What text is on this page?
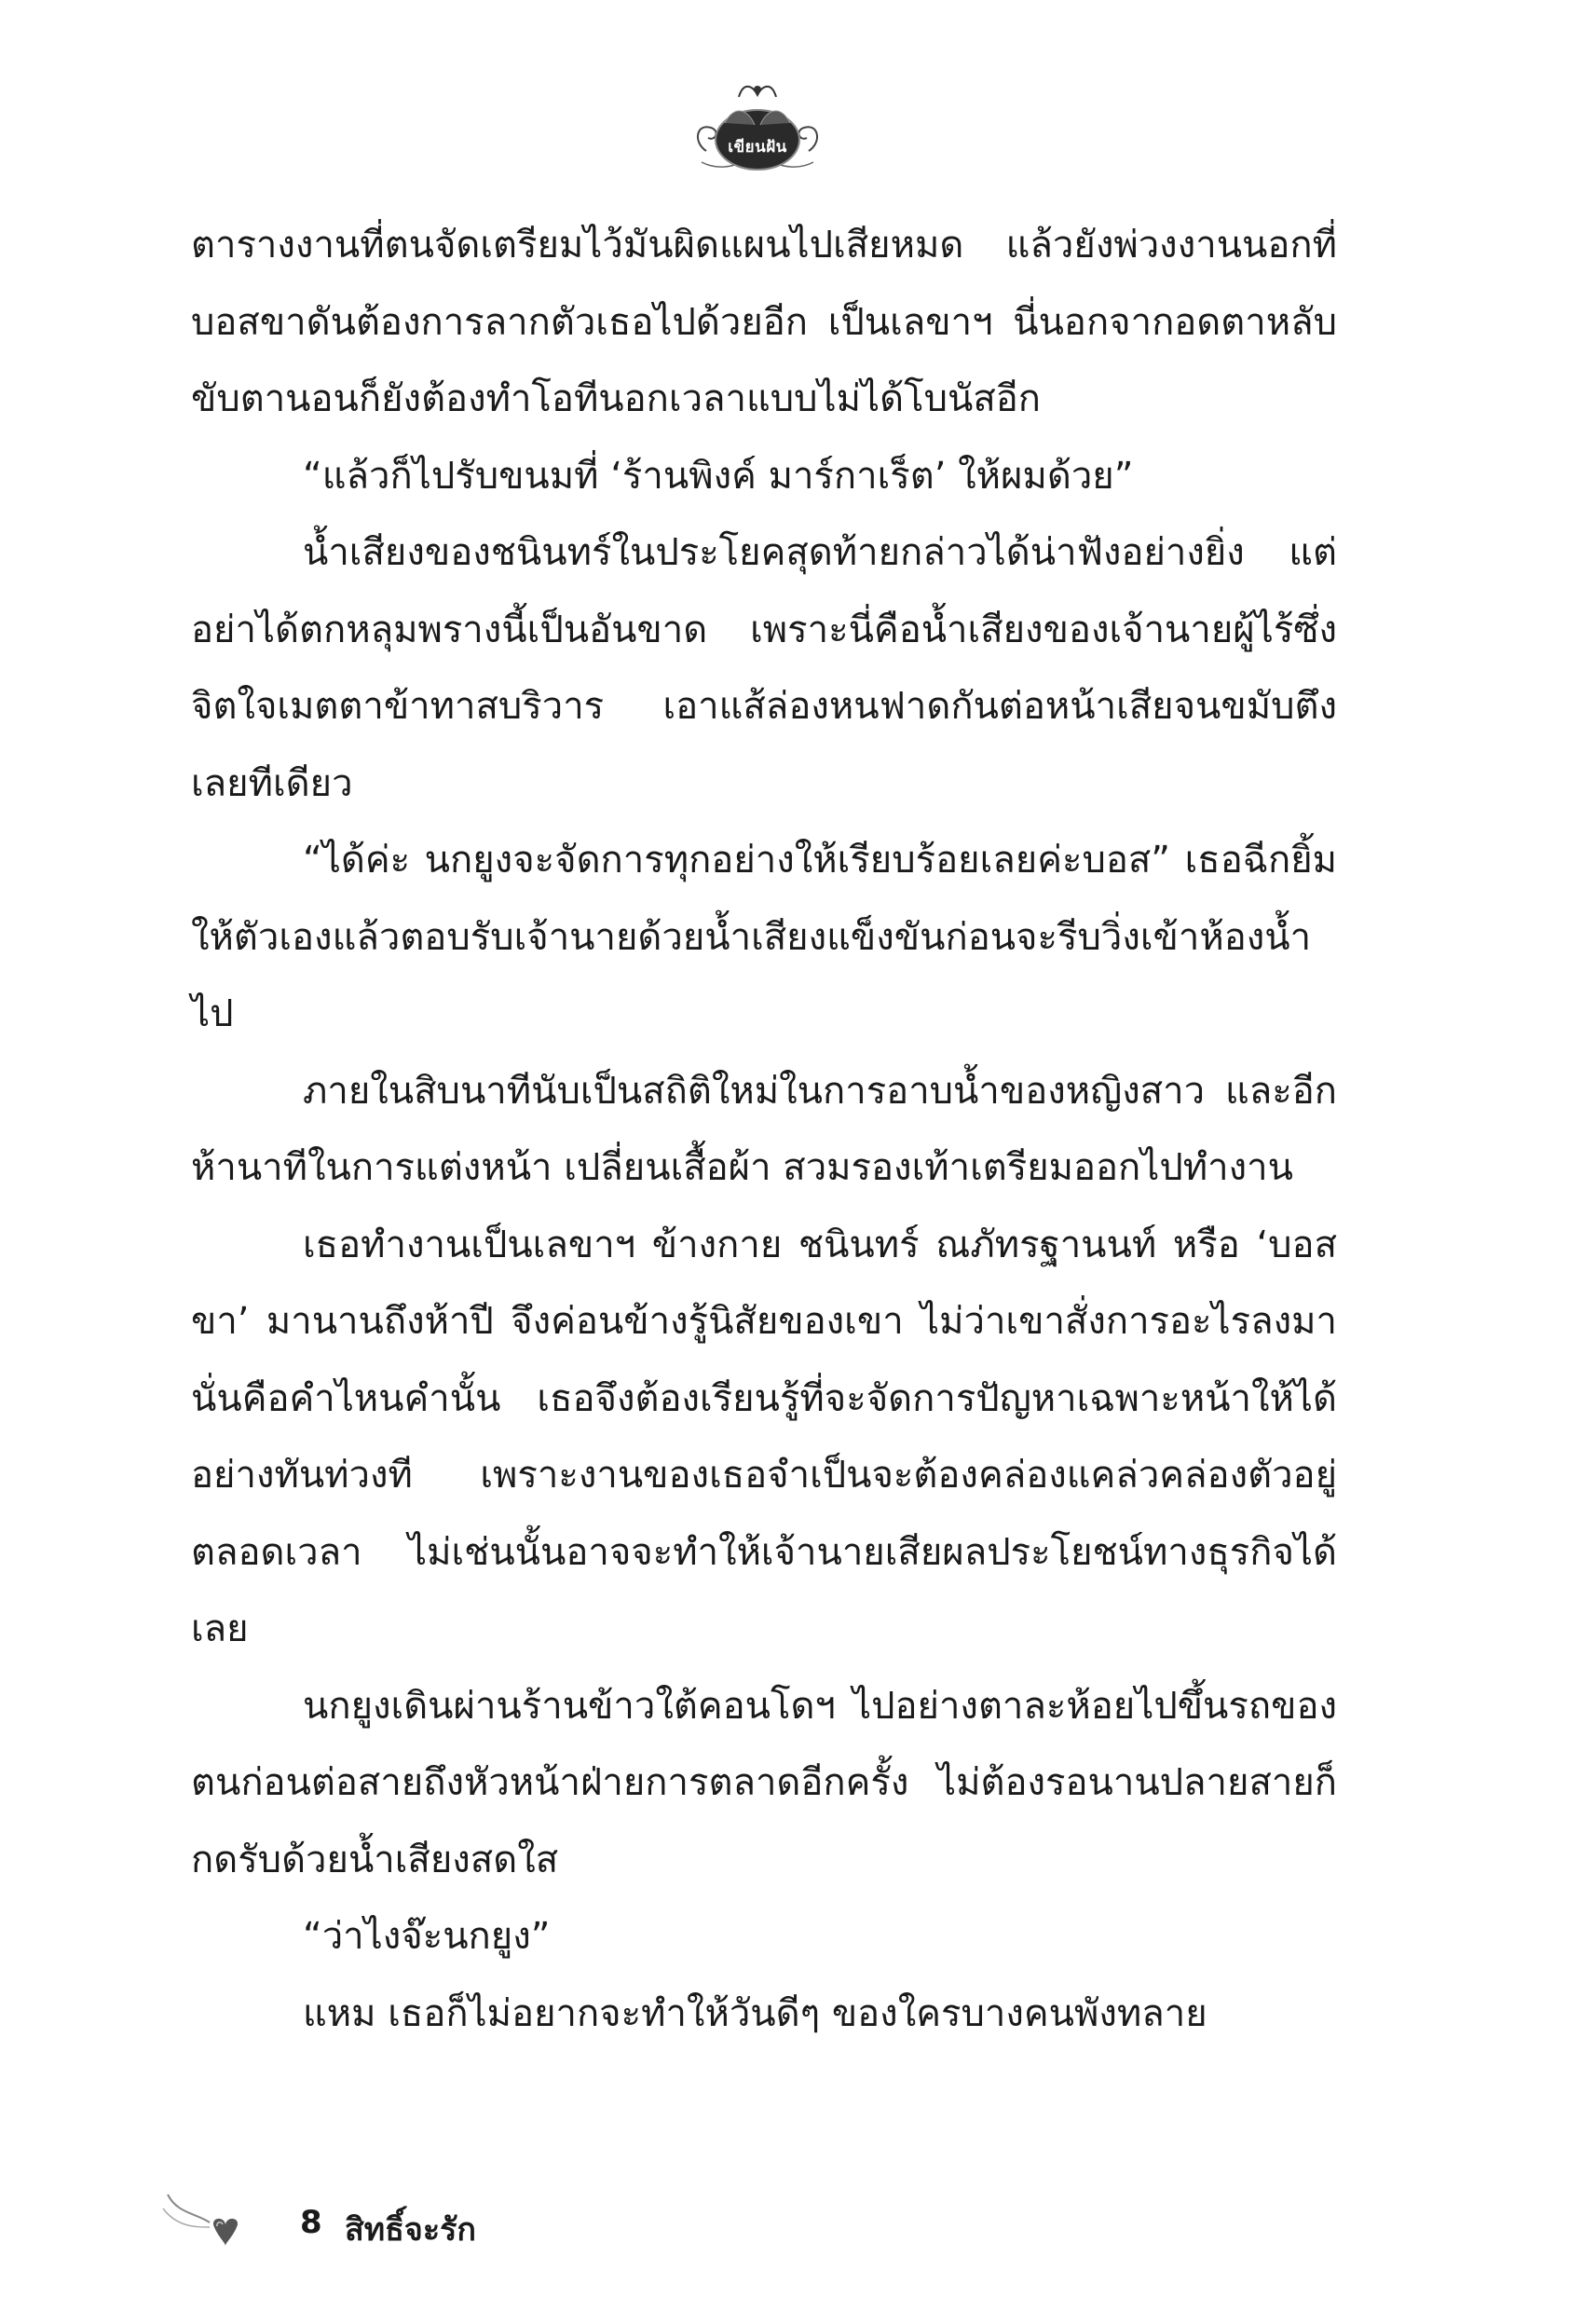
เขียนฝัน

ตารางงานที่ตนจัดเตรียมไว้มันผิดแผนไปเสียหมด แล้วยังพ่วงงานนอกที่บอสขาดันต้องการลากตัวเธอไปด้วยอีก เป็นเลขาฯ นี่นอกจากอดตาหลับขับตานอนก็ยังต้องทำโอทีนอกเวลาแบบไม่ได้โบนัสอีก

“แล้วก็ไปรับขนมที่ ‘ร้านพิงค์ มาร์กาเร็ต’ ให้ผมด้วย”

น้ำเสียงของชนินทร์ในประโยคสุดท้ายกล่าวได้น่าฟังอย่างยิ่ง แต่อย่าได้ตกหลุมพรางนี้เป็นอันขาด เพราะนี่คือน้ำเสียงของเจ้านายผู้ไร้ซึ่งจิตใจเมตตาข้าทาสบริวาร เอาแส้ล่องหนฟาดกันต่อหน้าเสียจนขมับตึงเลยทีเดียว

“ได้ค่ะ นกยูงจะจัดการทุกอย่างให้เรียบร้อยเลยค่ะบอส” เธอฉีกยิ้มให้ตัวเองแล้วตอบรับเจ้านายด้วยน้ำเสียงแข็งขันก่อนจะรีบวิ่งเข้าห้องน้ำไป

ภายในสิบนาทีนับเป็นสถิติใหม่ในการอาบน้ำของหญิงสาว และอีกห้านาทีในการแต่งหน้า เปลี่ยนเสื้อผ้า สวมรองเท้าเตรียมออกไปทำงาน

เธอทำงานเป็นเลขาฯ ข้างกาย ชนินทร์ ณภัทรฐานนท์ หรือ ‘บอสขา’ มานานถึงห้าปี จึงค่อนข้างรู้นิสัยของเขา ไม่ว่าเขาสั่งการอะไรลงมานั่นคือคำไหนคำนั้น เธอจึงต้องเรียนรู้ที่จะจัดการปัญหาเฉพาะหน้าให้ได้อย่างทันท่วงที เพราะงานของเธอจำเป็นจะต้องคล่องแคล่วคล่องตัวอยู่ตลอดเวลา ไม่เช่นนั้นอาจจะทำให้เจ้านายเสียผลประโยชน์ทางธุรกิจได้เลย

นกยูงเดินผ่านร้านข้าวใต้คอนโดฯ ไปอย่างตาละห้อยไปขึ้นรถของตนก่อนต่อสายถึงหัวหน้าฝ่ายการตลาดอีกครั้ง ไม่ต้องรอนานปลายสายก็กดรับด้วยน้ำเสียงสดใส

“ว่าไงจ๊ะนกยูง”

แหม เธอก็ไม่อยากจะทำให้วันดีๆ ของใครบางคนพังทลาย

8 สิทธิ์จะรัก
